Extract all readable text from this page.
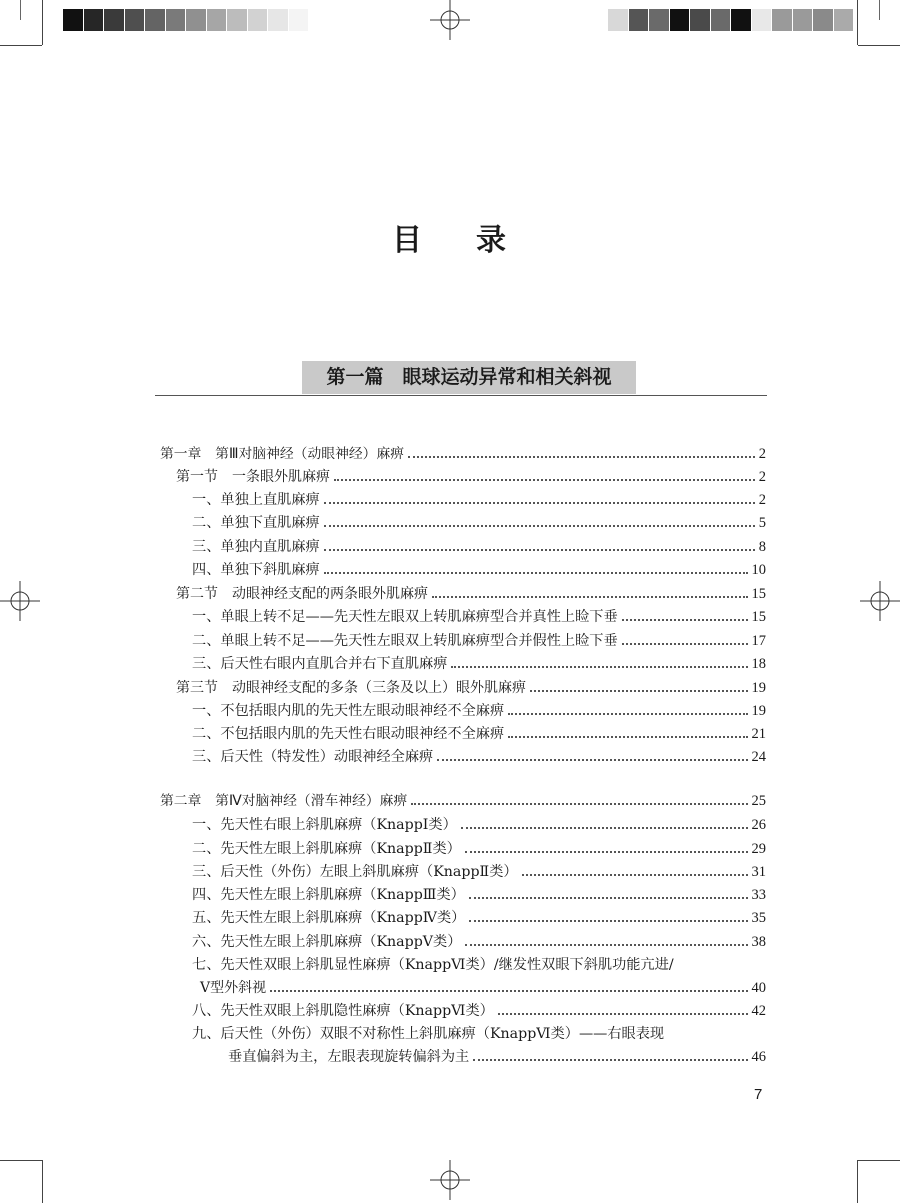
目 录
第一篇　眼球运动异常和相关斜视
第一章　第Ⅲ对脑神经（动眼神经）麻痹	2
第一节　一条眼外肌麻痹	2
一、单独上直肌麻痹	2
二、单独下直肌麻痹	5
三、单独内直肌麻痹	8
四、单独下斜肌麻痹	10
第二节　动眼神经支配的两条眼外肌麻痹	15
一、单眼上转不足——先天性左眼双上转肌麻痹型合并真性上睑下垂	15
二、单眼上转不足——先天性左眼双上转肌麻痹型合并假性上睑下垂	17
三、后天性右眼内直肌合并右下直肌麻痹	18
第三节　动眼神经支配的多条（三条及以上）眼外肌麻痹	19
一、不包括眼内肌的先天性左眼动眼神经不全麻痹	19
二、不包括眼内肌的先天性右眼动眼神经不全麻痹	21
三、后天性（特发性）动眼神经全麻痹	24
第二章　第Ⅳ对脑神经（滑车神经）麻痹	25
一、先天性右眼上斜肌麻痹（KnappⅠ类）	26
二、先天性左眼上斜肌麻痹（KnappⅡ类）	29
三、后天性（外伤）左眼上斜肌麻痹（KnappⅡ类）	31
四、先天性左眼上斜肌麻痹（KnappⅢ类）	33
五、先天性左眼上斜肌麻痹（KnappⅣ类）	35
六、先天性左眼上斜肌麻痹（KnappⅤ类）	38
七、先天性双眼上斜肌显性麻痹（KnappⅥ类）/继发性双眼下斜肌功能亢进/
Ⅴ型外斜视	40
八、先天性双眼上斜肌隐性麻痹（KnappⅥ类）	42
九、后天性（外伤）双眼不对称性上斜肌麻痹（KnappⅥ类）——右眼表现
垂直偏斜为主，左眼表现旋转偏斜为主	46
7
